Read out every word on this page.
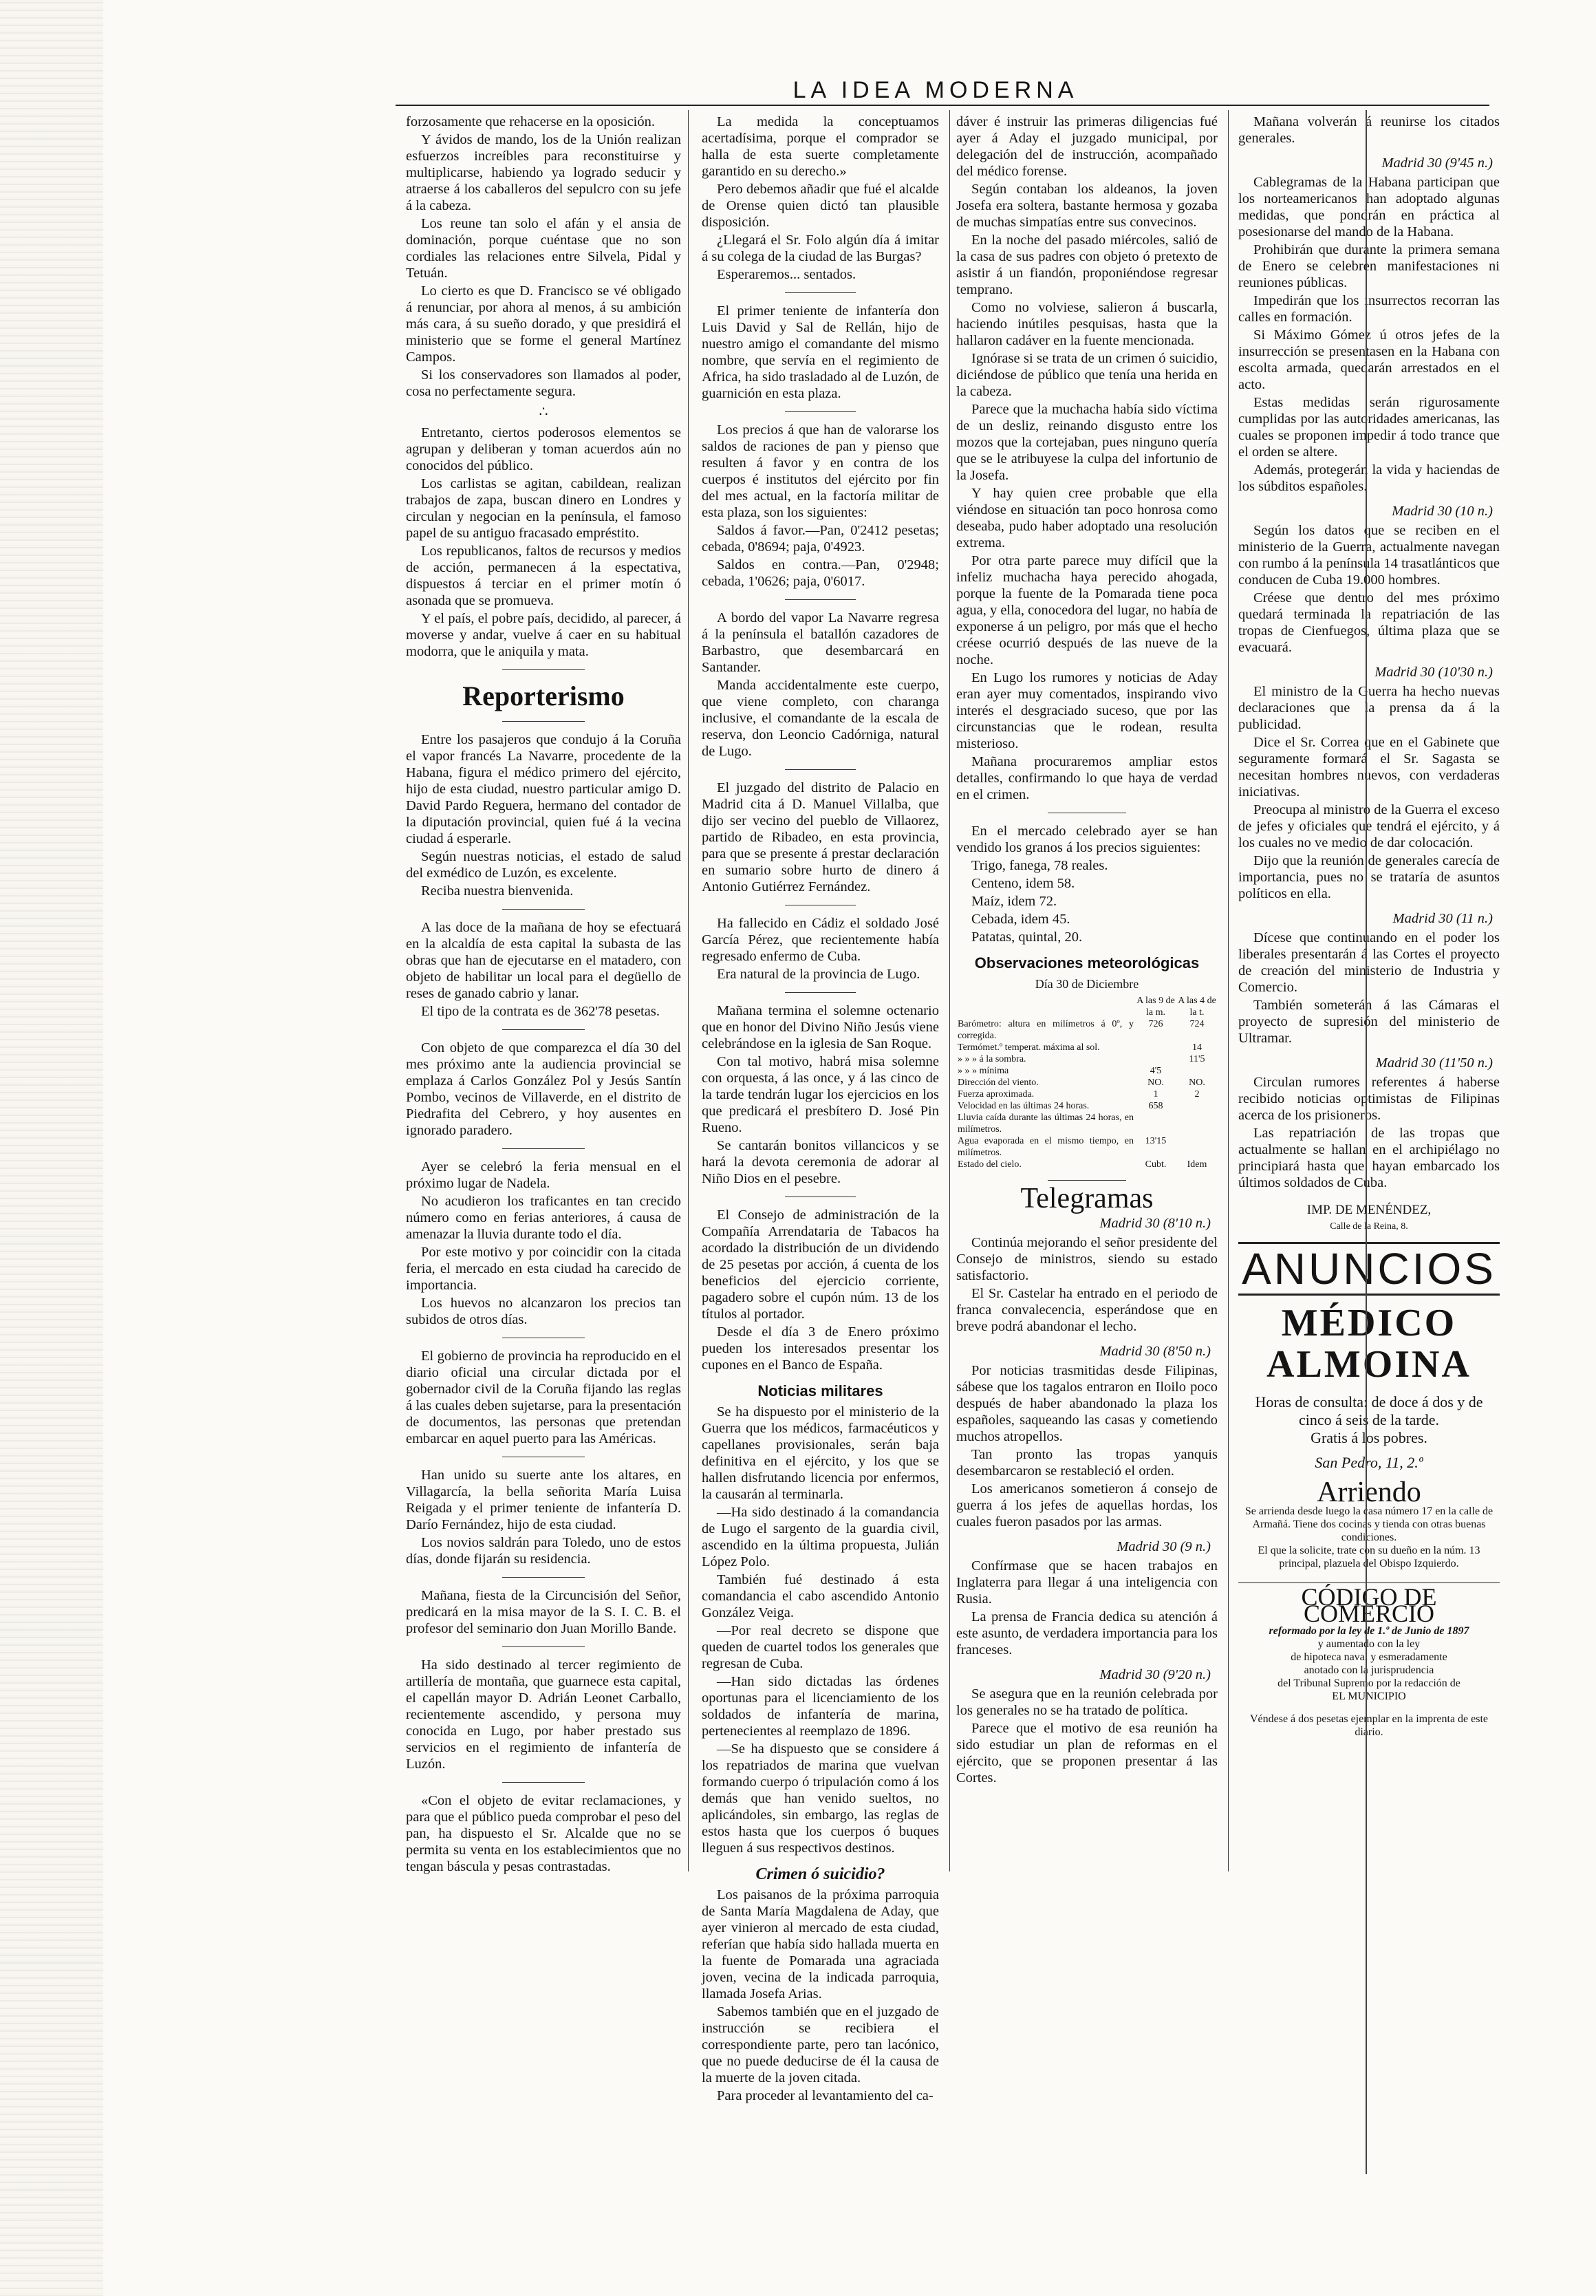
LA IDEA MODERNA

forzosamente que rehacerse en la oposición.

Y ávidos de mando, los de la Unión realizan esfuerzos increíbles para reconstituirse y multiplicarse, habiendo ya logrado seducir y atraerse á los caballeros del sepulcro con su jefe á la cabeza.

Los reune tan solo el afán y el ansia de dominación, porque cuéntase que no son cordiales las relaciones entre Silvela, Pidal y Tetuán.

Lo cierto es que D. Francisco se vé obligado á renunciar, por ahora al menos, á su ambición más cara, á su sueño dorado, y que presidirá el ministerio que se forme el general Martínez Campos.

Si los conservadores son llamados al poder, cosa no perfectamente segura.

∴

Entretanto, ciertos poderosos elementos se agrupan y deliberan y toman acuerdos aún no conocidos del público.

Los carlistas se agitan, cabildean, realizan trabajos de zapa, buscan dinero en Londres y circulan y negocian en la península, el famoso papel de su antiguo fracasado empréstito.

Los republicanos, faltos de recursos y medios de acción, permanecen á la espectativa, dispuestos á terciar en el primer motín ó asonada que se promueva.

Y el país, el pobre país, decidido, al parecer, á moverse y andar, vuelve á caer en su habitual modorra, que le aniquila y mata.

Reporterismo

Entre los pasajeros que condujo á la Coruña el vapor francés La Navarre, procedente de la Habana, figura el médico primero del ejército, hijo de esta ciudad, nuestro particular amigo D. David Pardo Reguera, hermano del contador de la diputación provincial, quien fué á la vecina ciudad á esperarle.

Según nuestras noticias, el estado de salud del exmédico de Luzón, es excelente.

Reciba nuestra bienvenida.

A las doce de la mañana de hoy se efectuará en la alcaldía de esta capital la subasta de las obras que han de ejecutarse en el matadero, con objeto de habilitar un local para el degüello de reses de ganado cabrio y lanar.

El tipo de la contrata es de 362'78 pesetas.

Con objeto de que comparezca el día 30 del mes próximo ante la audiencia provincial se emplaza á Carlos González Pol y Jesús Santín Pombo, vecinos de Villaverde, en el distrito de Piedrafita del Cebrero, y hoy ausentes en ignorado paradero.

Ayer se celebró la feria mensual en el próximo lugar de Nadela.

No acudieron los traficantes en tan crecido número como en ferias anteriores, á causa de amenazar la lluvia durante todo el día.

Por este motivo y por coincidir con la citada feria, el mercado en esta ciudad ha carecido de importancia.

Los huevos no alcanzaron los precios tan subidos de otros días.

El gobierno de provincia ha reproducido en el diario oficial una circular dictada por el gobernador civil de la Coruña fijando las reglas á las cuales deben sujetarse, para la presentación de documentos, las personas que pretendan embarcar en aquel puerto para las Américas.

Han unido su suerte ante los altares, en Villagarcía, la bella señorita María Luisa Reigada y el primer teniente de infantería D. Darío Fernández, hijo de esta ciudad.

Los novios saldrán para Toledo, uno de estos días, donde fijarán su residencia.

Mañana, fiesta de la Circuncisión del Señor, predicará en la misa mayor de la S. I. C. B. el profesor del seminario don Juan Morillo Bande.

Ha sido destinado al tercer regimiento de artillería de montaña, que guarnece esta capital, el capellán mayor D. Adrián Leonet Carballo, recientemente ascendido, y persona muy conocida en Lugo, por haber prestado sus servicios en el regimiento de infantería de Luzón.

«Con el objeto de evitar reclamaciones, y para que el público pueda comprobar el peso del pan, ha dispuesto el Sr. Alcalde que no se permita su venta en los establecimientos que no tengan báscula y pesas contrastadas.

La medida la conceptuamos acertadísima, porque el comprador se halla de esta suerte completamente garantido en su derecho.»

Pero debemos añadir que fué el alcalde de Orense quien dictó tan plausible disposición.

¿Llegará el Sr. Folo algún día á imitar á su colega de la ciudad de las Burgas?

Esperaremos... sentados.

El primer teniente de infantería don Luis David y Sal de Rellán, hijo de nuestro amigo el comandante del mismo nombre, que servía en el regimiento de Africa, ha sido trasladado al de Luzón, de guarnición en esta plaza.

Los precios á que han de valorarse los saldos de raciones de pan y pienso que resulten á favor y en contra de los cuerpos é institutos del ejército por fin del mes actual, en la factoría militar de esta plaza, son los siguientes:

Saldos á favor.—Pan, 0'2412 pesetas; cebada, 0'8694; paja, 0'4923.

Saldos en contra.—Pan, 0'2948; cebada, 1'0626; paja, 0'6017.

A bordo del vapor La Navarre regresa á la península el batallón cazadores de Barbastro, que desembarcará en Santander.

Manda accidentalmente este cuerpo, que viene completo, con charanga inclusive, el comandante de la escala de reserva, don Leoncio Cadórniga, natural de Lugo.

El juzgado del distrito de Palacio en Madrid cita á D. Manuel Villalba, que dijo ser vecino del pueblo de Villaorez, partido de Ribadeo, en esta provincia, para que se presente á prestar declaración en sumario sobre hurto de dinero á Antonio Gutiérrez Fernández.

Ha fallecido en Cádiz el soldado José García Pérez, que recientemente había regresado enfermo de Cuba.

Era natural de la provincia de Lugo.

Mañana termina el solemne octenario que en honor del Divino Niño Jesús viene celebrándose en la iglesia de San Roque.

Con tal motivo, habrá misa solemne con orquesta, á las once, y á las cinco de la tarde tendrán lugar los ejercicios en los que predicará el presbítero D. José Pin Rueno.

Se cantarán bonitos villancicos y se hará la devota ceremonia de adorar al Niño Dios en el pesebre.

El Consejo de administración de la Compañía Arrendataria de Tabacos ha acordado la distribución de un dividendo de 25 pesetas por acción, á cuenta de los beneficios del ejercicio corriente, pagadero sobre el cupón núm. 13 de los títulos al portador.

Desde el día 3 de Enero próximo pueden los interesados presentar los cupones en el Banco de España.

Noticias militares

Se ha dispuesto por el ministerio de la Guerra que los médicos, farmacéuticos y capellanes provisionales, serán baja definitiva en el ejército, y los que se hallen disfrutando licencia por enfermos, la causarán al terminarla.

—Ha sido destinado á la comandancia de Lugo el sargento de la guardia civil, ascendido en la última propuesta, Julián López Polo.

También fué destinado á esta comandancia el cabo ascendido Antonio González Veiga.

—Por real decreto se dispone que queden de cuartel todos los generales que regresan de Cuba.

—Han sido dictadas las órdenes oportunas para el licenciamiento de los soldados de infantería de marina, pertenecientes al reemplazo de 1896.

—Se ha dispuesto que se considere á los repatriados de marina que vuelvan formando cuerpo ó tripulación como á los demás que han venido sueltos, no aplicándoles, sin embargo, las reglas de estos hasta que los cuerpos ó buques lleguen á sus respectivos destinos.

Crimen ó suicidio?

Los paisanos de la próxima parroquia de Santa María Magdalena de Aday, que ayer vinieron al mercado de esta ciudad, referían que había sido hallada muerta en la fuente de Pomarada una agraciada joven, vecina de la indicada parroquia, llamada Josefa Arias.

Sabemos también que en el juzgado de instrucción se recibiera el correspondiente parte, pero tan lacónico, que no puede deducirse de él la causa de la muerte de la joven citada.

Para proceder al levantamiento del ca-

dáver é instruir las primeras diligencias fué ayer á Aday el juzgado municipal, por delegación del de instrucción, acompañado del médico forense.

Según contaban los aldeanos, la joven Josefa era soltera, bastante hermosa y gozaba de muchas simpatías entre sus convecinos.

En la noche del pasado miércoles, salió de la casa de sus padres con objeto ó pretexto de asistir á un fiandón, proponiéndose regresar temprano.

Como no volviese, salieron á buscarla, haciendo inútiles pesquisas, hasta que la hallaron cadáver en la fuente mencionada.

Ignórase si se trata de un crimen ó suicidio, diciéndose de público que tenía una herida en la cabeza.

Parece que la muchacha había sido víctima de un desliz, reinando disgusto entre los mozos que la cortejaban, pues ninguno quería que se le atribuyese la culpa del infortunio de la Josefa.

Y hay quien cree probable que ella viéndose en situación tan poco honrosa como deseaba, pudo haber adoptado una resolución extrema.

Por otra parte parece muy difícil que la infeliz muchacha haya perecido ahogada, porque la fuente de la Pomarada tiene poca agua, y ella, conocedora del lugar, no había de exponerse á un peligro, por más que el hecho créese ocurrió después de las nueve de la noche.

En Lugo los rumores y noticias de Aday eran ayer muy comentados, inspirando vivo interés el desgraciado suceso, que por las circunstancias que le rodean, resulta misterioso.

Mañana procuraremos ampliar estos detalles, confirmando lo que haya de verdad en el crimen.

En el mercado celebrado ayer se han vendido los granos á los precios siguientes:

Trigo, fanega, 78 reales.

Centeno, idem 58.

Maíz, idem 72.

Cebada, idem 45.

Patatas, quintal, 20.

Observaciones meteorológicas
Día 30 de Diciembre
	A las 9 de la m.	A las 4 de la t.
Barómetro: altura en milímetros á 0º, y corregida.	726	724
Termómet.º temperat. máxima al sol.		14
» » » á la sombra.		11'5
» » » mínima	4'5	
Dirección del viento.	NO.	NO.
Fuerza aproximada.	1	2
Velocidad en las últimas 24 horas.	658	
Lluvia caída durante las últimas 24 horas, en milímetros.		
Agua evaporada en el mismo tiempo, en milímetros.	13'15	
Estado del cielo.	Cubt.	Idem
Telegramas
Madrid 30 (8'10 n.)

Continúa mejorando el señor presidente del Consejo de ministros, siendo su estado satisfactorio.

El Sr. Castelar ha entrado en el periodo de franca convalecencia, esperándose que en breve podrá abandonar el lecho.

Madrid 30 (8'50 n.)

Por noticias trasmitidas desde Filipinas, sábese que los tagalos entraron en Iloilo poco después de haber abandonado la plaza los españoles, saqueando las casas y cometiendo muchos atropellos.

Tan pronto las tropas yanquis desembarcaron se restableció el orden.

Los americanos sometieron á consejo de guerra á los jefes de aquellas hordas, los cuales fueron pasados por las armas.

Madrid 30 (9 n.)

Confírmase que se hacen trabajos en Inglaterra para llegar á una inteligencia con Rusia.

La prensa de Francia dedica su atención á este asunto, de verdadera importancia para los franceses.

Madrid 30 (9'20 n.)

Se asegura que en la reunión celebrada por los generales no se ha tratado de política.

Parece que el motivo de esa reunión ha sido estudiar un plan de reformas en el ejército, que se proponen presentar á las Cortes.

Mañana volverán á reunirse los citados generales.

Madrid 30 (9'45 n.)

Cablegramas de la Habana participan que los norteamericanos han adoptado algunas medidas, que pondrán en práctica al posesionarse del mando de la Habana.

Prohibirán que durante la primera semana de Enero se celebren manifestaciones ni reuniones públicas.

Impedirán que los insurrectos recorran las calles en formación.

Si Máximo Gómez ú otros jefes de la insurrección se presentasen en la Habana con escolta armada, quedarán arrestados en el acto.

Estas medidas serán rigurosamente cumplidas por las autoridades americanas, las cuales se proponen impedir á todo trance que el orden se altere.

Además, protegerán la vida y haciendas de los súbditos españoles.

Madrid 30 (10 n.)

Según los datos que se reciben en el ministerio de la Guerra, actualmente navegan con rumbo á la península 14 trasatlánticos que conducen de Cuba 19.000 hombres.

Créese que dentro del mes próximo quedará terminada la repatriación de las tropas de Cienfuegos, última plaza que se evacuará.

Madrid 30 (10'30 n.)

El ministro de la Guerra ha hecho nuevas declaraciones que la prensa da á la publicidad.

Dice el Sr. Correa que en el Gabinete que seguramente formará el Sr. Sagasta se necesitan hombres nuevos, con verdaderas iniciativas.

Preocupa al ministro de la Guerra el exceso de jefes y oficiales que tendrá el ejército, y á los cuales no ve medio de dar colocación.

Dijo que la reunión de generales carecía de importancia, pues no se trataría de asuntos políticos en ella.

Madrid 30 (11 n.)

Dícese que continuando en el poder los liberales presentarán á las Cortes el proyecto de creación del ministerio de Industria y Comercio.

También someterán á las Cámaras el proyecto de supresión del ministerio de Ultramar.

Madrid 30 (11'50 n.)

Circulan rumores referentes á haberse recibido noticias optimistas de Filipinas acerca de los prisioneros.

Las repatriación de las tropas que actualmente se hallan en el archipiélago no principiará hasta que hayan embarcado los últimos soldados de Cuba.

IMP. DE MENÉNDEZ,
Calle de la Reina, 8.
ANUNCIOS
MÉDICO ALMOINA
Horas de consulta: de doce á dos y de cinco á seis de la tarde.
Gratis á los pobres.
San Pedro, 11, 2.º
Arriendo
Se arrienda desde luego la casa número 17 en la calle de Armañá. Tiene dos cocinas y tienda con otras buenas condiciones.
El que la solicite, trate con su dueño en la núm. 13 principal, plazuela del Obispo Izquierdo.
CÓDIGO DE COMERCIO
reformado por la ley de 1.º de Junio de 1897
y aumentado con la ley
de hipoteca naval y esmeradamente
anotado con la jurisprudencia
del Tribunal Supremo por la redacción de
EL MUNICIPIO
Véndese á dos pesetas ejemplar en la imprenta de este diario.
